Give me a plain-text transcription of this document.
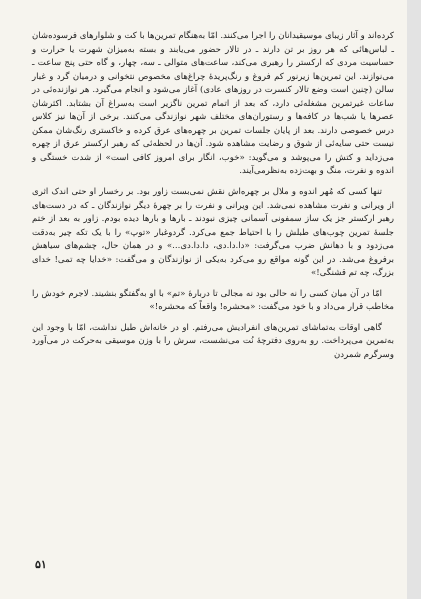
کرده‌اند و آثار زیبای موسیقیدانان را اجرا می‌کنند. امّا به‌هنگام تمرین‌ها با کت و شلوارهای فرسوده‌شان ـ لباس‌هائی که هر روز بر تن دارند ـ در تالار حضور می‌یابند و بسته به‌میزان شهرت یا حرارت و حساسیت مردی که ارکستر را رهبری می‌کند، ساعت‌های متوالی ـ سه، چهار، و گاه حتی پنج ساعت ـ می‌نوازند. این تمرین‌ها زیرنور کم فروغ و رنگ‌پریدهٔ چراغ‌های مخصوص نتخوانی و درمیان گرد و غبار سالن (چنین است وضع تالار کنسرت در روزهای عادی) آغاز می‌شود و انجام می‌گیرد. هر نوازنده‌ئی در ساعات غیرتمرین مشغله‌ئی دارد، که بعد از اتمام تمرین ناگزیر است به‌سراغ آن بشتابد. اکثرشان عصرها یا شب‌ها در کافه‌ها و رستوران‌های مختلف شهر نوازندگی می‌کنند. برخی از آن‌ها نیز کلاس درس خصوصی دارند. بعد از پایان جلسات تمرین بر چهره‌های عرق کرده و خاکستری رنگ‌شان ممکن نیست حتی سایه‌ئی از شوق و رضایت مشاهده شود. آن‌ها در لحظه‌ئی که رهبر ارکستر عرق از چهره می‌زداید و کتش را می‌پوشد و می‌گوید: «خوب، انگار برای امروز کافی است» از شدت خستگی و اندوه و نفرت، منگ و بهت‌زده به‌نظرمی‌آیند.

تنها کسی که مُهر اندوه و ملال بر چهره‌اش نقش نمی‌بست زاور بود. بر رخسار او حتی اندک اثری از ویرانی و نفرت مشاهده نمی‌شد. این ویرانی و نفرت را بر چهرهٔ دیگر نوازندگان ـ که در دست‌های رهبر ارکستر جز یک ساز سمفونی آسمانی چیزی نبودند ـ بارها و بارها دیده بودم. زاور به بعد از ختم جلسهٔ تمرین چوب‌های طبلش را با احتیاط جمع می‌کرد. گردوغبار «توپ» را با یک تکه چیر به‌دقت می‌زدود و با دهانش ضرب می‌گرفت: «دا.دا.دی، دا.دا.دی...» و در همان حال، چشم‌های سیاهش برفروغ می‌شد. در این گونه مواقع رو می‌کرد به‌یکی از نوازندگان و می‌گفت: «خدایا چه تمی! خدای بزرگ، چه تم قشنگی!»

امّا در آن میان کسی را نه حالی بود نه مجالی تا دربارهٔ «تم» با او به‌گفتگو بنشیند. لاجرم خودش را مخاطب قرار می‌داد و با خود می‌گفت: «محشره! واقعاً که محشره!»

گاهی اوقات به‌تماشای تمرین‌های انفرادیش می‌رفتم. او در خانه‌اش طبل نداشت، امّا با وجود این به‌تمرین می‌پرداخت. رو به‌روی دفترچهٔ نُت می‌نشست، سرش را با وزن موسیقی به‌حرکت در می‌آورد وسرگرم شمردن

۵۱
